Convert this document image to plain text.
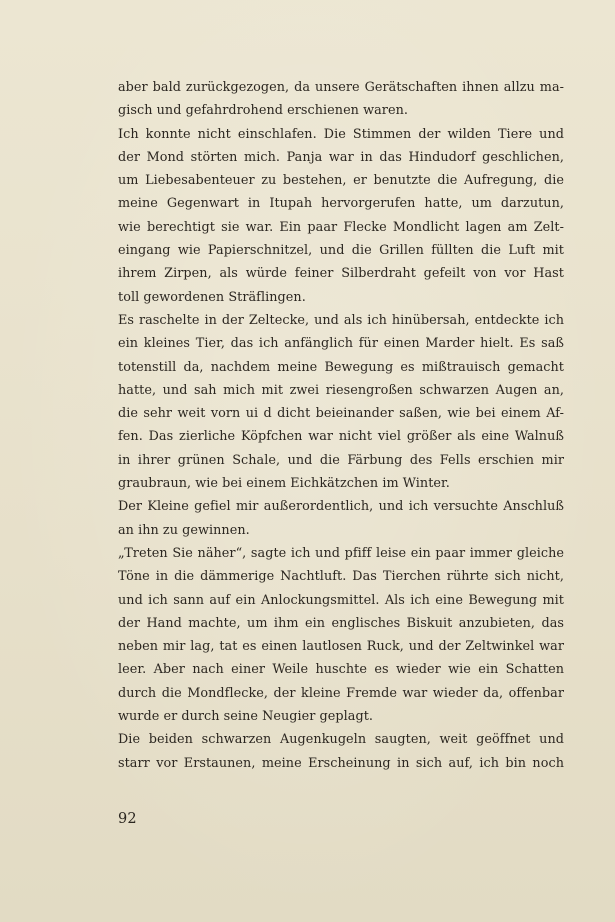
aber bald zurückgezogen, da unsere Gerätschaften ihnen allzu ma-
gisch und gefahrdrohend erschienen waren.
Ich konnte nicht einschlafen. Die Stimmen der wilden Tiere und
der Mond störten mich. Panja war in das Hindudorf geschlichen,
um Liebesabenteuer zu bestehen, er benutzte die Aufregung, die
meine Gegenwart in Itupah hervorgerufen hatte, um darzutun,
wie berechtigt sie war. Ein paar Flecke Mondlicht lagen am Zelt-
eingang wie Papierschnitzel, und die Grillen füllten die Luft mit
ihrem Zirpen, als würde feiner Silberdraht gefeilt von vor Hast
toll gewordenen Sträflingen.
Es raschelte in der Zeltecke, und als ich hinübersah, entdeckte ich
ein kleines Tier, das ich anfänglich für einen Marder hielt. Es saß
totenstill da, nachdem meine Bewegung es mißtrauisch gemacht
hatte, und sah mich mit zwei riesengroßen schwarzen Augen an,
die sehr weit vorn ui d dicht beieinander saßen, wie bei einem Af-
fen. Das zierliche Köpfchen war nicht viel größer als eine Walnuß
in ihrer grünen Schale, und die Färbung des Fells erschien mir
graubraun, wie bei einem Eichkätzchen im Winter.
Der Kleine gefiel mir außerordentlich, und ich versuchte Anschluß
an ihn zu gewinnen.
„Treten Sie näher“, sagte ich und pfiff leise ein paar immer gleiche
Töne in die dämmerige Nachtluft. Das Tierchen rührte sich nicht,
und ich sann auf ein Anlockungsmittel. Als ich eine Bewegung mit
der Hand machte, um ihm ein englisches Biskuit anzubieten, das
neben mir lag, tat es einen lautlosen Ruck, und der Zeltwinkel war
leer. Aber nach einer Weile huschte es wieder wie ein Schatten
durch die Mondflecke, der kleine Fremde war wieder da, offenbar
wurde er durch seine Neugier geplagt.
Die beiden schwarzen Augenkugeln saugten, weit geöffnet und
starr vor Erstaunen, meine Erscheinung in sich auf, ich bin noch
92
